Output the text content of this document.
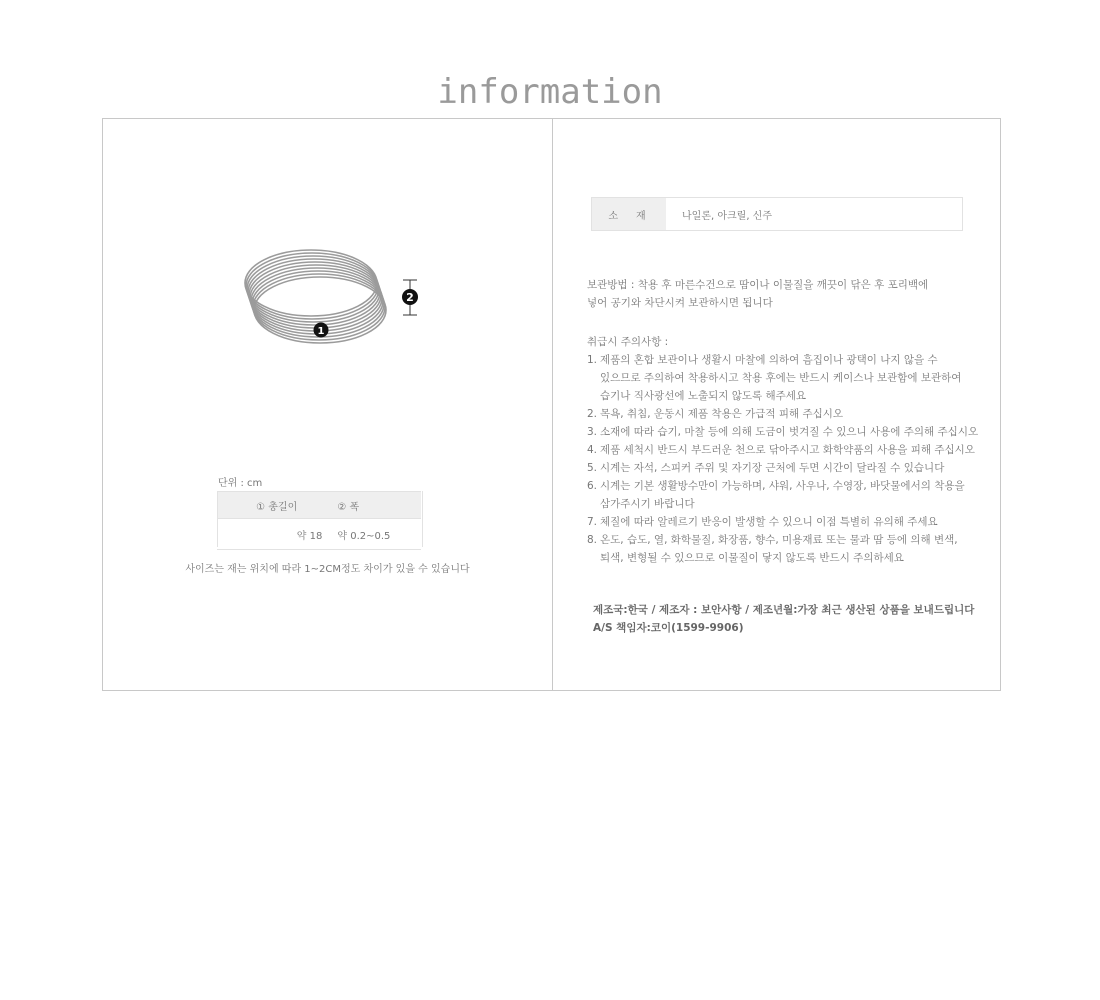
information
2
1
단위 : cm
① 총길이	② 폭
약 18	약 0.2~0.5
사이즈는 재는 위치에 따라 1~2CM정도 차이가 있을 수 있습니다
소재	나일론, 아크릴, 신주
보관방법 : 착용 후 마른수건으로 땀이나 이물질을 깨끗이 닦은 후 포리백에
넣어 공기와 차단시켜 보관하시면 됩니다
취급시 주의사항 :
1. 제품의 혼합 보관이나 생활시 마찰에 의하여 흠집이나 광택이 나지 않을 수
있으므로 주의하여 착용하시고 착용 후에는 반드시 케이스나 보관함에 보관하여
습기나 직사광선에 노출되지 않도록 해주세요
2. 목욕, 취침, 운동시 제품 착용은 가급적 피해 주십시오
3. 소재에 따라 습기, 마찰 등에 의해 도금이 벗겨질 수 있으니 사용에 주의해 주십시오
4. 제품 세척시 반드시 부드러운 천으로 닦아주시고 화학약품의 사용을 피해 주십시오
5. 시계는 자석, 스피커 주위 및 자기장 근처에 두면 시간이 달라질 수 있습니다
6. 시계는 기본 생활방수만이 가능하며, 샤워, 사우나, 수영장, 바닷물에서의 착용을
삼가주시기 바랍니다
7. 체질에 따라 알레르기 반응이 발생할 수 있으니 이점 특별히 유의해 주세요
8. 온도, 습도, 열, 화학물질, 화장품, 향수, 미용재료 또는 물과 땀 등에 의해 변색,
퇴색, 변형될 수 있으므로 이물질이 닿지 않도록 반드시 주의하세요
제조국:한국 / 제조자 : 보안사항 / 제조년월:가장 최근 생산된 상품을 보내드립니다
A/S 책임자:코이(1599-9906)
